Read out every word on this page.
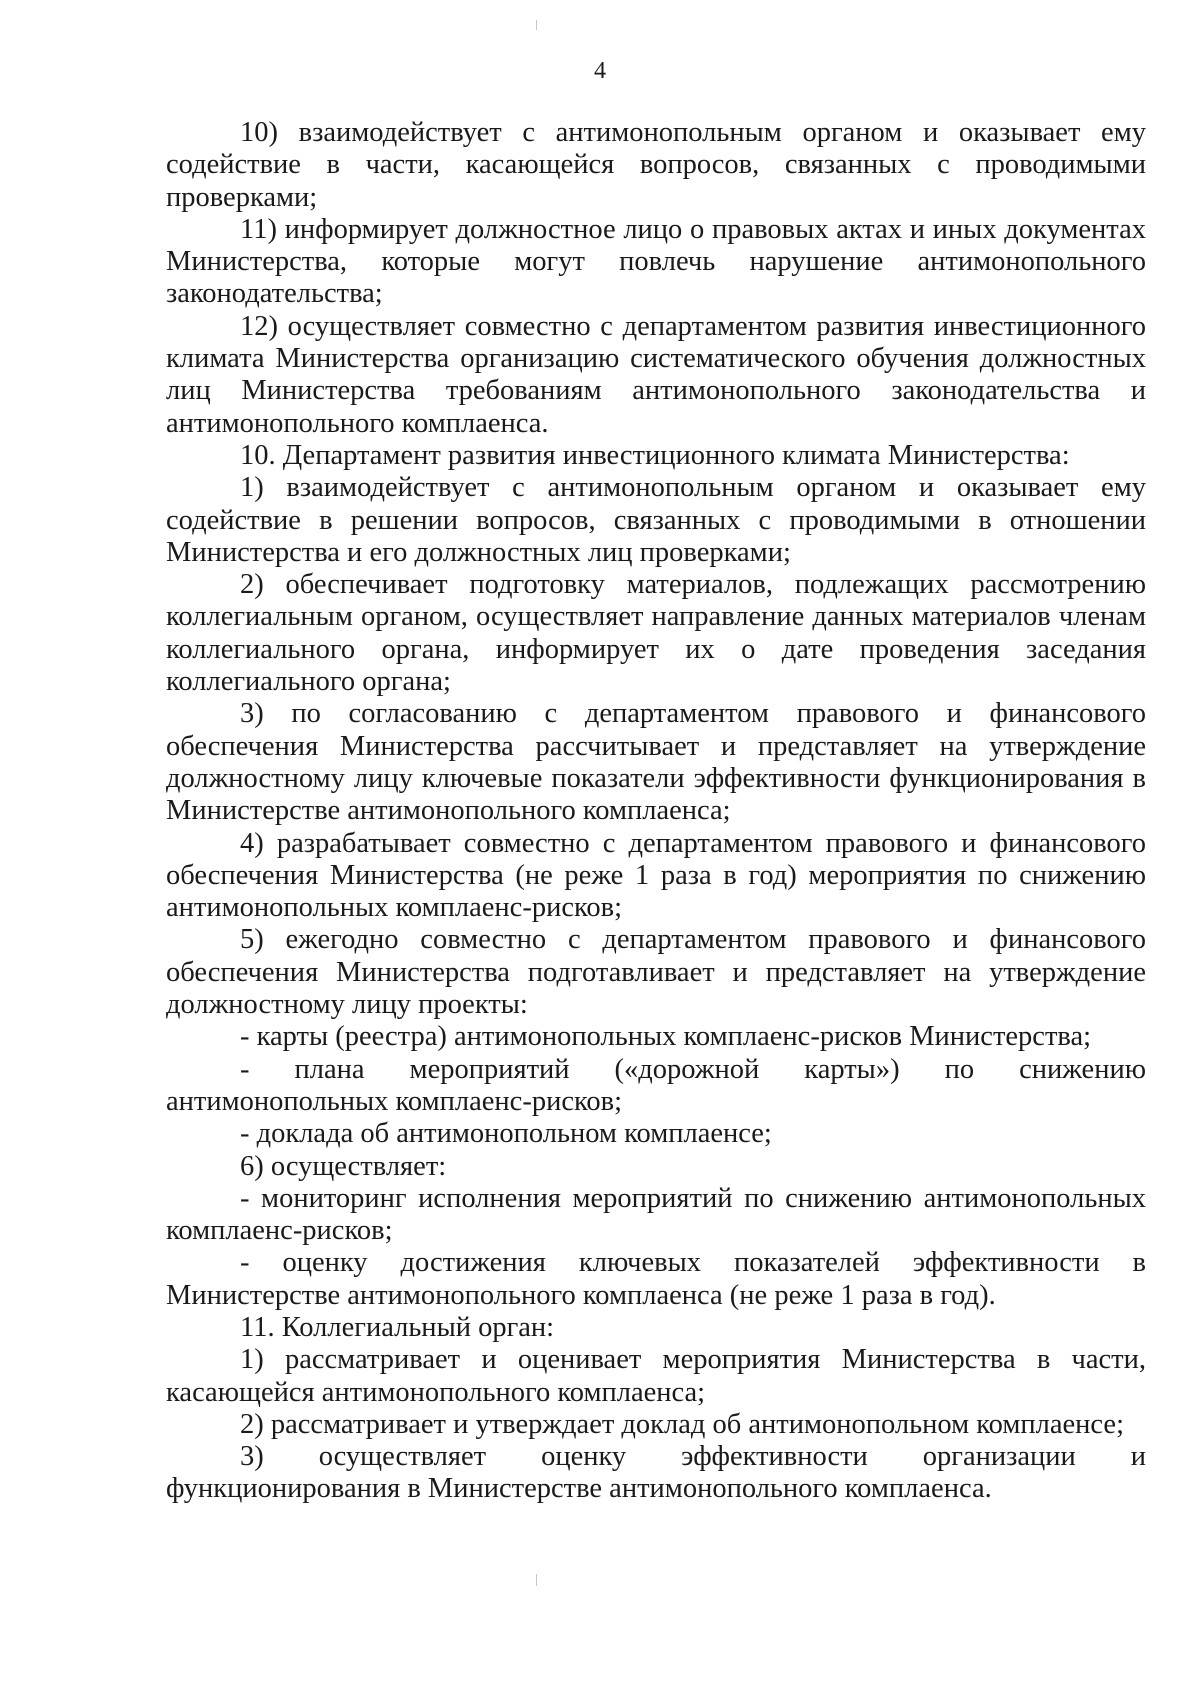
4

10) взаимодействует с антимонопольным органом и оказывает ему содействие в части, касающейся вопросов, связанных с проводимыми проверками;

11) информирует должностное лицо о правовых актах и иных документах Министерства, которые могут повлечь нарушение антимонопольного законодательства;

12) осуществляет совместно с департаментом развития инвестиционного климата Министерства организацию систематического обучения должностных лиц Министерства требованиям антимонопольного законодательства и антимонопольного комплаенса.

10. Департамент развития инвестиционного климата Министерства:

1) взаимодействует с антимонопольным органом и оказывает ему содействие в решении вопросов, связанных с проводимыми в отношении Министерства и его должностных лиц проверками;

2) обеспечивает подготовку материалов, подлежащих рассмотрению коллегиальным органом, осуществляет направление данных материалов членам коллегиального органа, информирует их о дате проведения заседания коллегиального органа;

3) по согласованию с департаментом правового и финансового обеспечения Министерства рассчитывает и представляет на утверждение должностному лицу ключевые показатели эффективности функционирования в Министерстве антимонопольного комплаенса;

4) разрабатывает совместно с департаментом правового и финансового обеспечения Министерства (не реже 1 раза в год) мероприятия по снижению антимонопольных комплаенс-рисков;

5) ежегодно совместно с департаментом правового и финансового обеспечения Министерства подготавливает и представляет на утверждение должностному лицу проекты:

- карты (реестра) антимонопольных комплаенс-рисков Министерства;

- плана мероприятий («дорожной карты») по снижению антимонопольных комплаенс-рисков;

- доклада об антимонопольном комплаенсе;

6) осуществляет:

- мониторинг исполнения мероприятий по снижению антимонопольных комплаенс-рисков;

- оценку достижения ключевых показателей эффективности в Министерстве антимонопольного комплаенса (не реже 1 раза в год).

11. Коллегиальный орган:

1) рассматривает и оценивает мероприятия Министерства в части, касающейся антимонопольного комплаенса;

2) рассматривает и утверждает доклад об антимонопольном комплаенсе;

3) осуществляет оценку эффективности организации и функционирования в Министерстве антимонопольного комплаенса.
